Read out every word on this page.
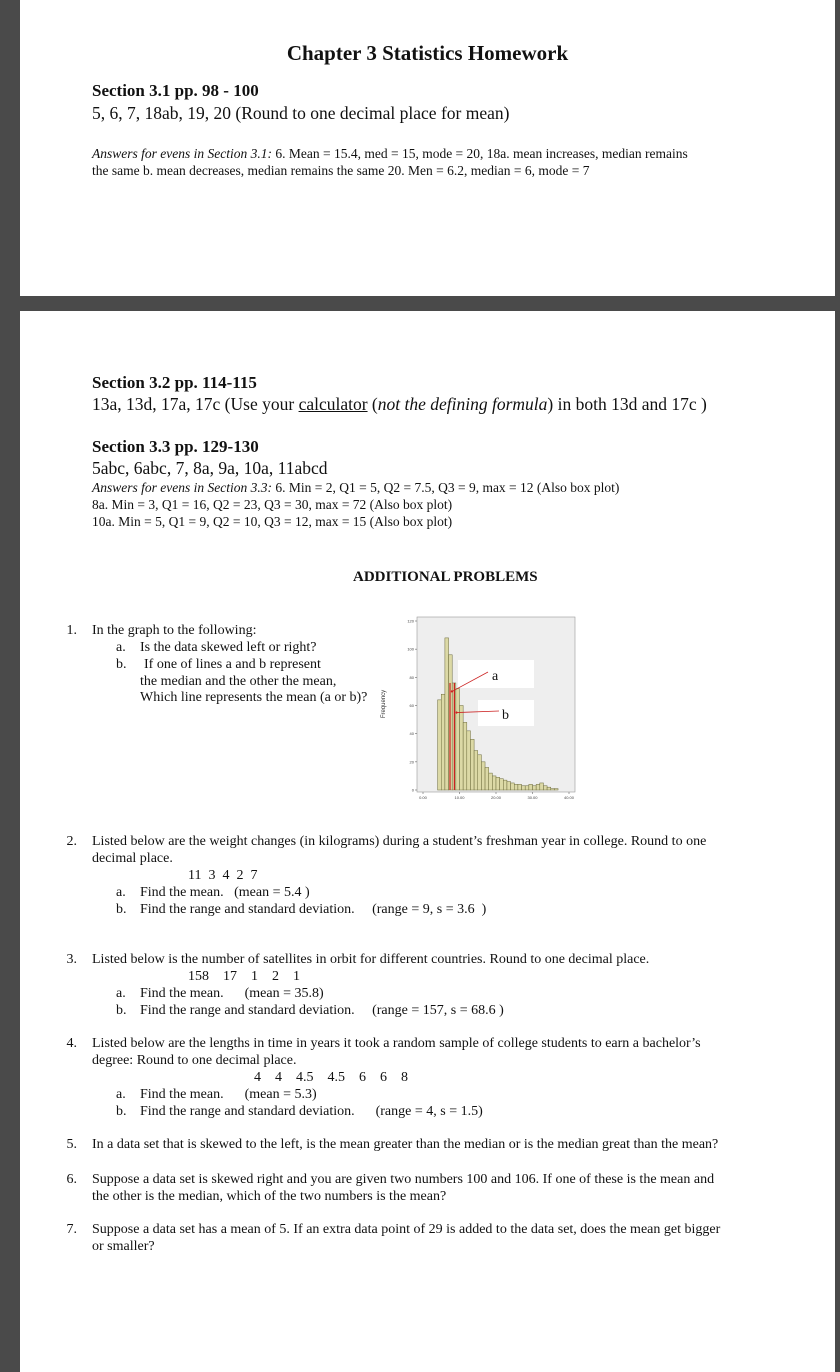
Chapter 3 Statistics Homework
Section 3.1 pp. 98 - 100
5, 6, 7, 18ab, 19, 20 (Round to one decimal place for mean)
Answers for evens in Section 3.1: 6. Mean = 15.4, med = 15, mode = 20, 18a. mean increases, median remains
the same b. mean decreases, median remains the same 20. Men = 6.2, median = 6, mode = 7
Section 3.2 pp. 114-115
13a, 13d, 17a, 17c (Use your calculator (not the defining formula) in both 13d and 17c )
Section 3.3 pp. 129-130
5abc, 6abc, 7, 8a, 9a, 10a, 11abcd
Answers for evens in Section 3.3: 6. Min = 2, Q1 = 5, Q2 = 7.5, Q3 = 9, max = 12 (Also box plot)
8a. Min = 3, Q1 = 16, Q2 = 23, Q3 = 30, max = 72 (Also box plot)
10a. Min = 5, Q1 = 9, Q2 = 10, Q3 = 12, max = 15 (Also box plot)
ADDITIONAL PROBLEMS
1. In the graph to the following:
a. Is the data skewed left or right?
b. If one of lines a and b represent
the median and the other the mean,
Which line represents the mean (a or b)?
0
20
40
60
80
100
120
0.00	10.00	20.00	30.00	40.00
Frequency
a
b
2. Listed below are the weight changes (in kilograms) during a student’s freshman year in college. Round to one
decimal place.
11  3  4  2  7
a. Find the mean.   (mean = 5.4 )
b. Find the range and standard deviation.     (range = 9, s = 3.6  )
3. Listed below is the number of satellites in orbit for different countries. Round to one decimal place.
158    17    1    2    1
a. Find the mean.      (mean = 35.8)
b. Find the range and standard deviation.     (range = 157, s = 68.6 )
4. Listed below are the lengths in time in years it took a random sample of college students to earn a bachelor’s
degree: Round to one decimal place.
4    4    4.5    4.5    6    6    8
a. Find the mean.      (mean = 5.3)
b. Find the range and standard deviation.      (range = 4, s = 1.5)
5. In a data set that is skewed to the left, is the mean greater than the median or is the median great than the mean?
6. Suppose a data set is skewed right and you are given two numbers 100 and 106. If one of these is the mean and
the other is the median, which of the two numbers is the mean?
7. Suppose a data set has a mean of 5. If an extra data point of 29 is added to the data set, does the mean get bigger
or smaller?
